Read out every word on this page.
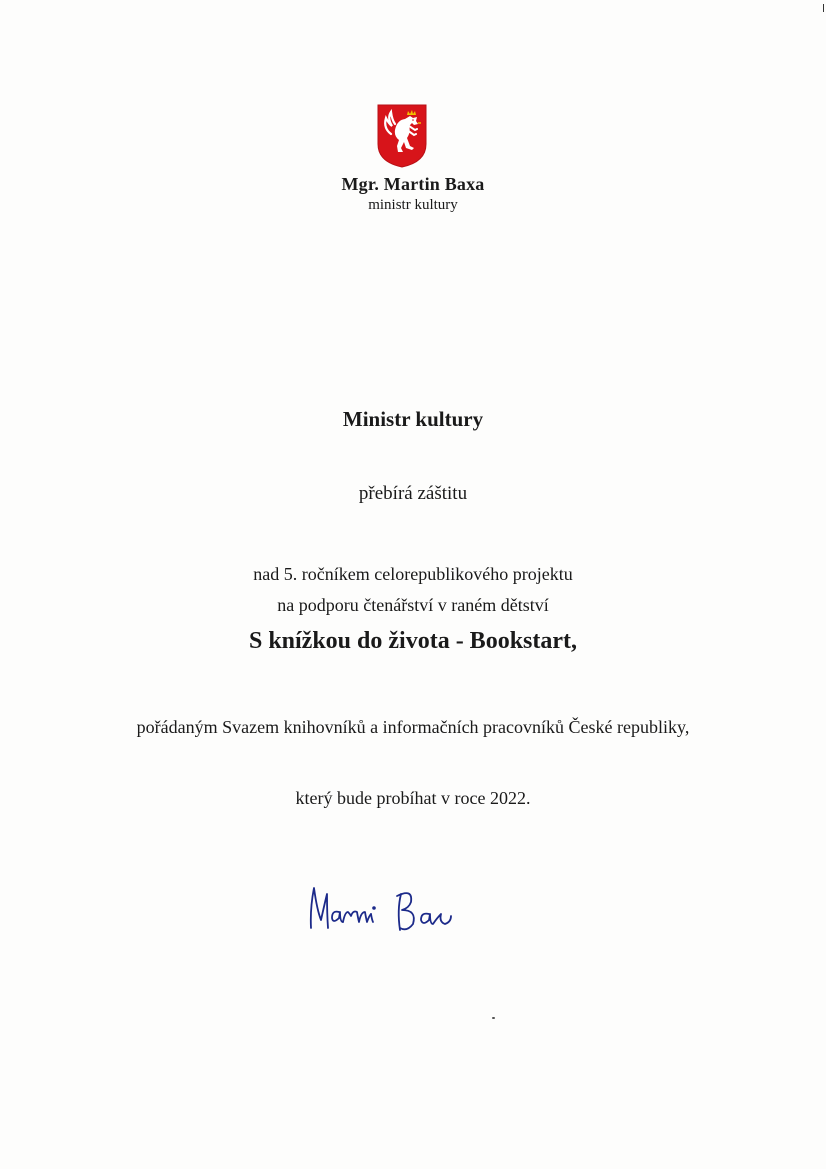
Mgr. Martin Baxa
ministr kultury
Ministr kultury
přebírá záštitu
nad 5. ročníkem celorepublikového projektu
na podporu čtenářství v raném dětství
S knížkou do života - Bookstart,
pořádaným Svazem knihovníků a informačních pracovníků České republiky,
který bude probíhat v roce 2022.
